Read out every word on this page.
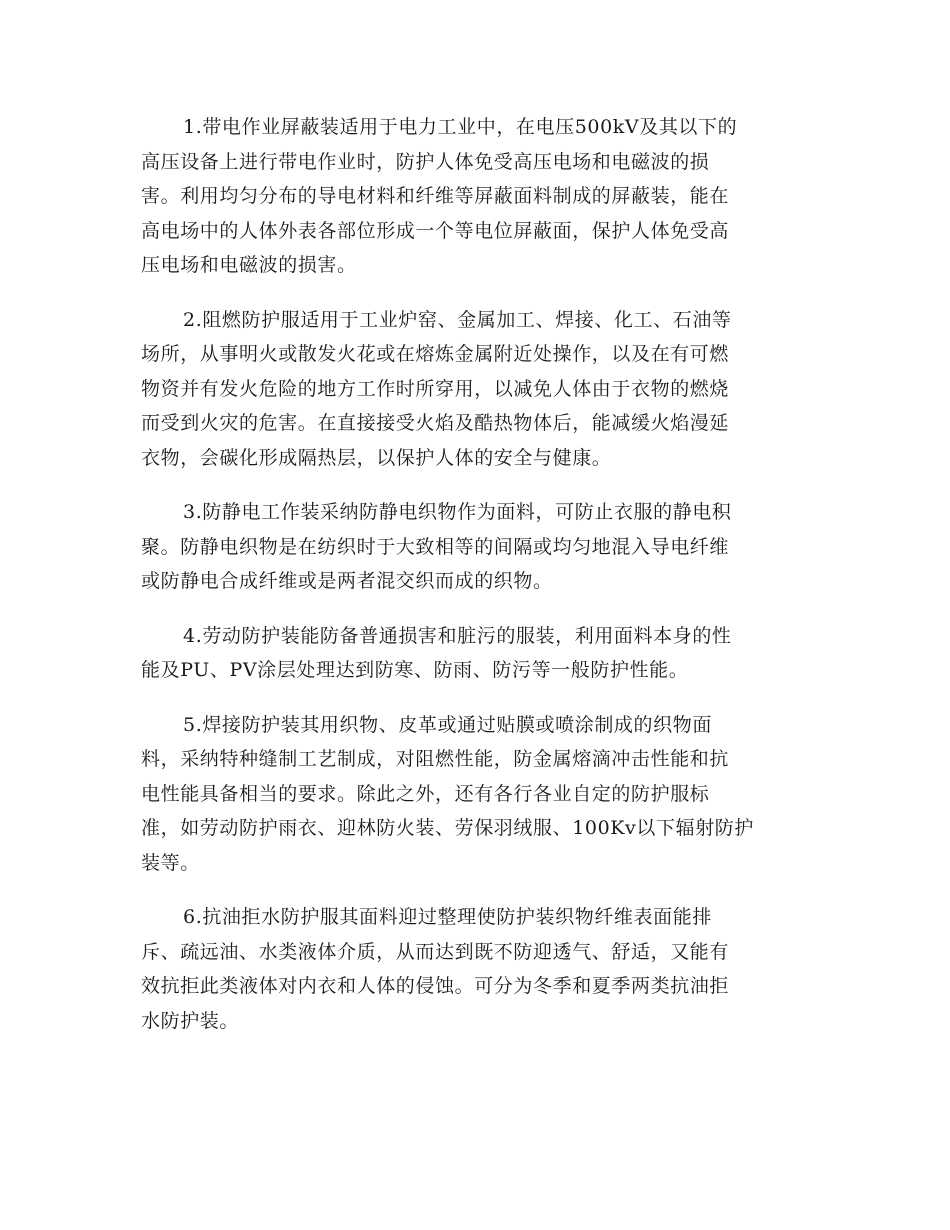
1.带电作业屏蔽装适用于电力工业中，在电压500kV及其以下的
高压设备上进行带电作业时，防护人体免受高压电场和电磁波的损
害。利用均匀分布的导电材料和纤维等屏蔽面料制成的屏蔽装，能在
高电场中的人体外表各部位形成一个等电位屏蔽面，保护人体免受高
压电场和电磁波的损害。

2.阻燃防护服适用于工业炉窑、金属加工、焊接、化工、石油等
场所，从事明火或散发火花或在熔炼金属附近处操作，以及在有可燃
物资并有发火危险的地方工作时所穿用，以减免人体由于衣物的燃烧
而受到火灾的危害。在直接接受火焰及酷热物体后，能减缓火焰漫延
衣物，会碳化形成隔热层，以保护人体的安全与健康。

3.防静电工作装采纳防静电织物作为面料，可防止衣服的静电积
聚。防静电织物是在纺织时于大致相等的间隔或均匀地混入导电纤维
或防静电合成纤维或是两者混交织而成的织物。

4.劳动防护装能防备普通损害和脏污的服装，利用面料本身的性
能及PU、PV涂层处理达到防寒、防雨、防污等一般防护性能。

5.焊接防护装其用织物、皮革或通过贴膜或喷涂制成的织物面
料，采纳特种缝制工艺制成，对阻燃性能，防金属熔滴冲击性能和抗
电性能具备相当的要求。除此之外，还有各行各业自定的防护服标
准，如劳动防护雨衣、迎林防火装、劳保羽绒服、100Kv以下辐射防护
装等。

6.抗油拒水防护服其面料迎过整理使防护装织物纤维表面能排
斥、疏远油、水类液体介质，从而达到既不防迎透气、舒适，又能有
效抗拒此类液体对内衣和人体的侵蚀。可分为冬季和夏季两类抗油拒
水防护装。
